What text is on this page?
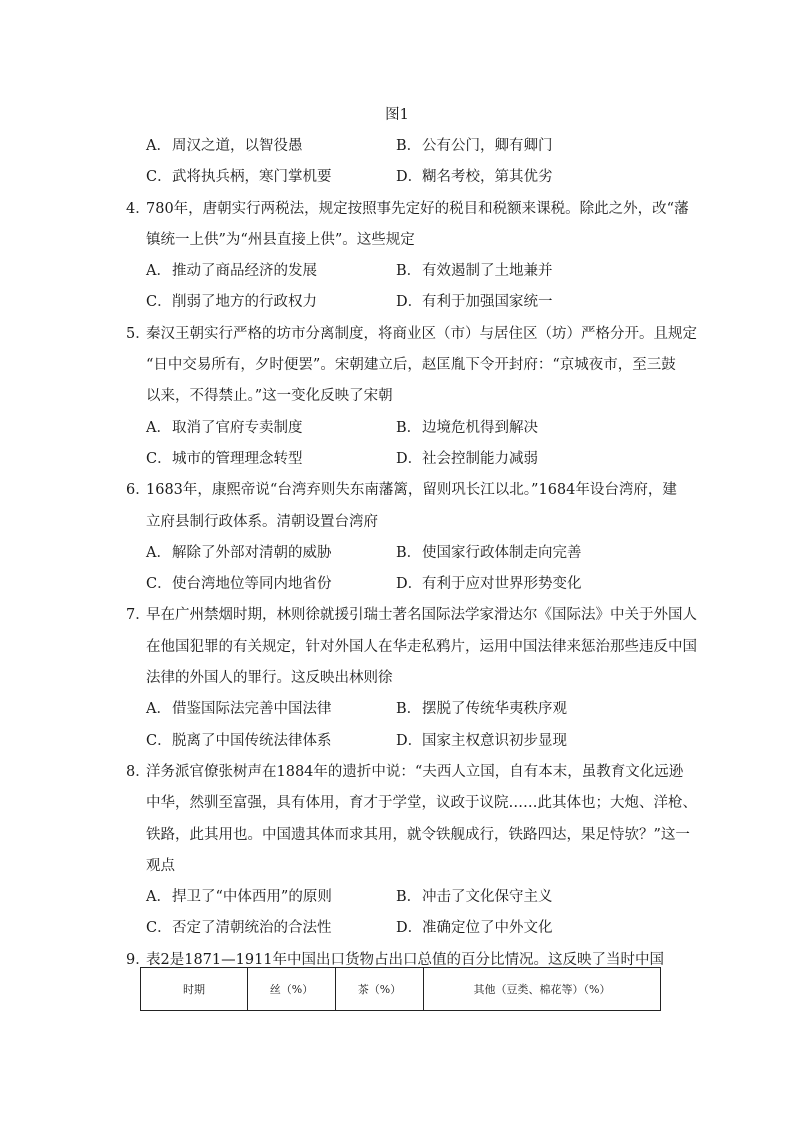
图1
A．周汉之道，以智役愚	B．公有公门，卿有卿门
C．武将执兵柄，寒门掌机要	D．糊名考校，第其优劣
4．
780年，唐朝实行两税法，规定按照事先定好的税目和税额来课税。除此之外，改“藩
镇统一上供”为“州县直接上供”。这些规定
A．推动了商品经济的发展	B．有效遏制了土地兼并
C．削弱了地方的行政权力	D．有利于加强国家统一
5．
秦汉王朝实行严格的坊市分离制度，将商业区（市）与居住区（坊）严格分开。且规定
“日中交易所有，夕时便罢”。宋朝建立后，赵匡胤下令开封府：“京城夜市，至三鼓
以来，不得禁止。”这一变化反映了宋朝
A．取消了官府专卖制度	B．边境危机得到解决
C．城市的管理理念转型	D．社会控制能力减弱
6．
1683年，康熙帝说“台湾弃则失东南藩篱，留则巩长江以北。”1684年设台湾府，建
立府县制行政体系。清朝设置台湾府
A．解除了外部对清朝的威胁	B．使国家行政体制走向完善
C．使台湾地位等同内地省份	D．有利于应对世界形势变化
7．
早在广州禁烟时期，林则徐就援引瑞士著名国际法学家滑达尔《国际法》中关于外国人
在他国犯罪的有关规定，针对外国人在华走私鸦片，运用中国法律来惩治那些违反中国
法律的外国人的罪行。这反映出林则徐
A．借鉴国际法完善中国法律	B．摆脱了传统华夷秩序观
C．脱离了中国传统法律体系	D．国家主权意识初步显现
8．
洋务派官僚张树声在1884年的遗折中说：“夫西人立国，自有本末，虽教育文化远逊
中华，然驯至富强，具有体用，育才于学堂，议政于议院……此其体也；大炮、洋枪、
铁路，此其用也。中国遗其体而求其用，就令铁舰成行，铁路四达，果足恃欤？”这一
观点
A．捍卫了“中体西用”的原则	B．冲击了文化保守主义
C．否定了清朝统治的合法性	D．准确定位了中外文化
9．
表2是1871—1911年中国出口货物占出口总值的百分比情况。这反映了当时中国
时期	丝（%）	茶（%）	其他（豆类、棉花等）（%）
